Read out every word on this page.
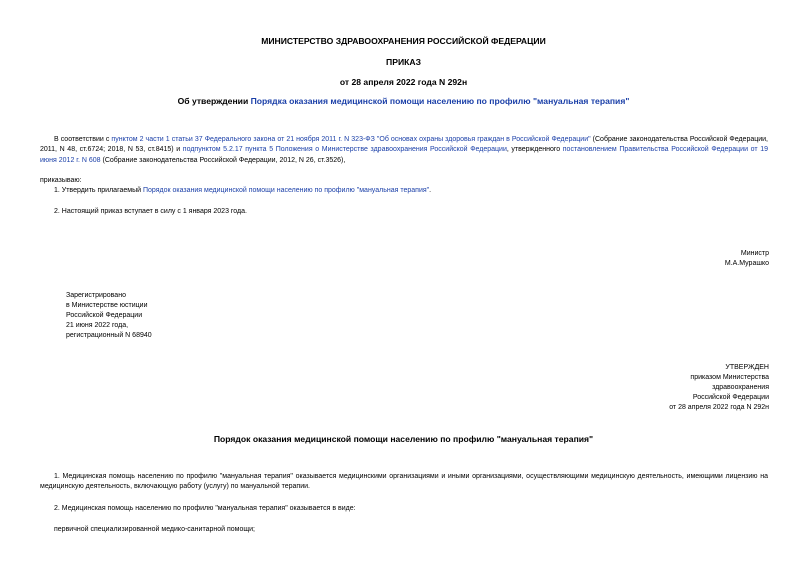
МИНИСТЕРСТВО ЗДРАВООХРАНЕНИЯ РОССИЙСКОЙ ФЕДЕРАЦИИ
ПРИКАЗ
от 28 апреля 2022 года N 292н
Об утверждении Порядка оказания медицинской помощи населению по профилю "мануальная терапия"
В соответствии с пунктом 2 части 1 статьи 37 Федерального закона от 21 ноября 2011 г. N 323-ФЗ "Об основах охраны здоровья граждан в Российской Федерации" (Собрание законодательства Российской Федерации, 2011, N 48, ст.6724; 2018, N 53, ст.8415) и подпунктом 5.2.17 пункта 5 Положения о Министерстве здравоохранения Российской Федерации, утвержденного постановлением Правительства Российской Федерации от 19 июня 2012 г. N 608 (Собрание законодательства Российской Федерации, 2012, N 26, ст.3526),
приказываю:
1. Утвердить прилагаемый Порядок оказания медицинской помощи населению по профилю "мануальная терапия".
2. Настоящий приказ вступает в силу с 1 января 2023 года.
Министр
М.А.Мурашко
Зарегистрировано
в Министерстве юстиции
Российской Федерации
21 июня 2022 года,
регистрационный N 68940
УТВЕРЖДЕН
приказом Министерства
здравоохранения
Российской Федерации
от 28 апреля 2022 года N 292н
Порядок оказания медицинской помощи населению по профилю "мануальная терапия"
1. Медицинская помощь населению по профилю "мануальная терапия" оказывается медицинскими организациями и иными организациями, осуществляющими медицинскую деятельность, имеющими лицензию на медицинскую деятельность, включающую работу (услугу) по мануальной терапии.
2. Медицинская помощь населению по профилю "мануальная терапия" оказывается в виде:
первичной специализированной медико-санитарной помощи;
